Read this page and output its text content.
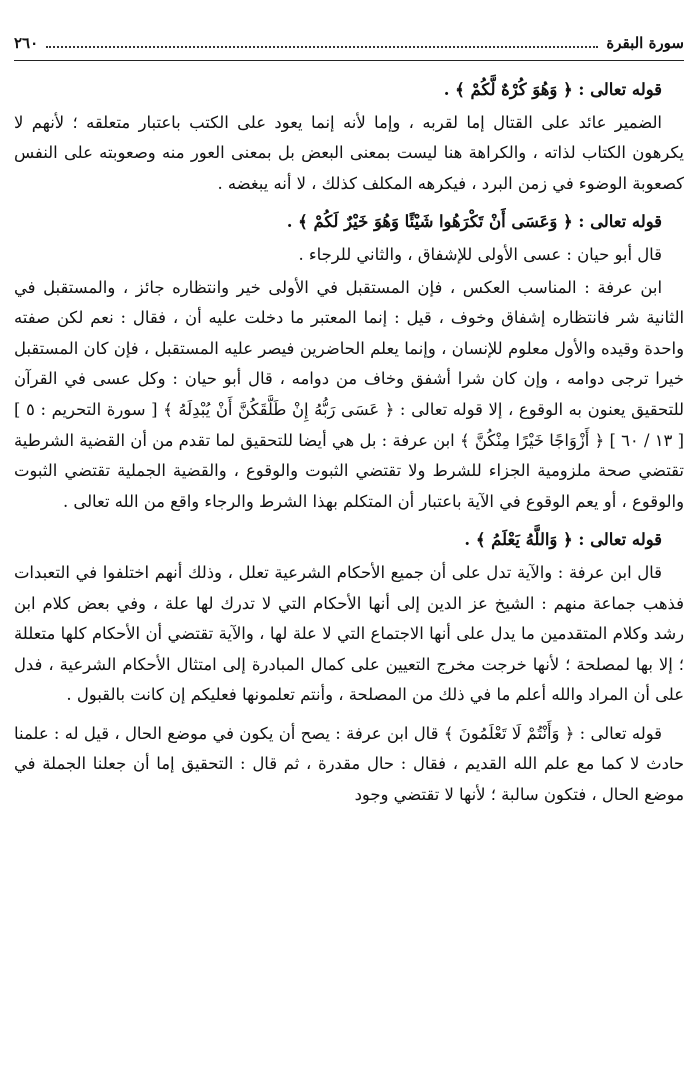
سورة البقرة
٢٦٠

قوله تعالى : ﴿ وَهُوَ كُرْهٌ لَّكُمْ ﴾ .

الضمير عائد على القتال إما لقربه ، وإما لأنه إنما يعود على الكتب باعتبار متعلقه ؛ لأنهم لا يكرهون الكتاب لذاته ، والكراهة هنا ليست بمعنى البعض بل بمعنى العور منه وصعوبته على النفس كصعوبة الوضوء في زمن البرد ، فيكرهه المكلف كذلك ، لا أنه يبغضه .

قوله تعالى : ﴿ وَعَسَى أَنْ تَكْرَهُوا شَيْئًا وَهُوَ خَيْرٌ لَكُمْ ﴾ .

قال أبو حيان : عسى الأولى للإشفاق ، والثاني للرجاء .

ابن عرفة : المناسب العكس ، فإن المستقبل في الأولى خير وانتظاره جائز ، والمستقبل في الثانية شر فانتظاره إشفاق وخوف ، قيل : إنما المعتبر ما دخلت عليه أن ، فقال : نعم لكن صفته واحدة وقيده والأول معلوم للإنسان ، وإنما يعلم الحاضرين فيصر عليه المستقبل ، فإن كان المستقبل خيرا ترجى دوامه ، وإن كان شرا أشفق وخاف من دوامه ، قال أبو حيان : وكل عسى في القرآن للتحقيق يعنون به الوقوع ، إلا قوله تعالى : ﴿ عَسَى رَبُّهُ إِنْ طَلَّقَكُنَّ أَنْ يُبْدِلَهُ ﴾ [ سورة التحريم : ٥ ] [ ١٣ / ٦٠ ] ﴿ أَزْوَاجًا خَيْرًا مِنْكُنَّ ﴾ ابن عرفة : بل هي أيضا للتحقيق لما تقدم من أن القضية الشرطية تقتضي صحة ملزومية الجزاء للشرط ولا تقتضي الثبوت والوقوع ، والقضية الجملية تقتضي الثبوت والوقوع ، أو يعم الوقوع في الآية باعتبار أن المتكلم بهذا الشرط والرجاء واقع من الله تعالى .

قوله تعالى : ﴿ وَاللَّهُ يَعْلَمُ ﴾ .

قال ابن عرفة : والآية تدل على أن جميع الأحكام الشرعية تعلل ، وذلك أنهم اختلفوا في التعبدات فذهب جماعة منهم : الشيخ عز الدين إلى أنها الأحكام التي لا تدرك لها علة ، وفي بعض كلام ابن رشد وكلام المتقدمين ما يدل على أنها الاجتماع التي لا علة لها ، والآية تقتضي أن الأحكام كلها متعللة ؛ إلا بها لمصلحة ؛ لأنها خرجت مخرج التعيين على كمال المبادرة إلى امتثال الأحكام الشرعية ، فدل على أن المراد والله أعلم ما في ذلك من المصلحة ، وأنتم تعلمونها فعليكم إن كانت بالقبول .

قوله تعالى : ﴿ وَأَنْتُمْ لَا تَعْلَمُونَ ﴾ قال ابن عرفة : يصح أن يكون في موضع الحال ، قيل له : علمنا حادث لا كما مع علم الله القديم ، فقال : حال مقدرة ، ثم قال : التحقيق إما أن جعلنا الجملة في موضع الحال ، فتكون سالبة ؛ لأنها لا تقتضي وجود
